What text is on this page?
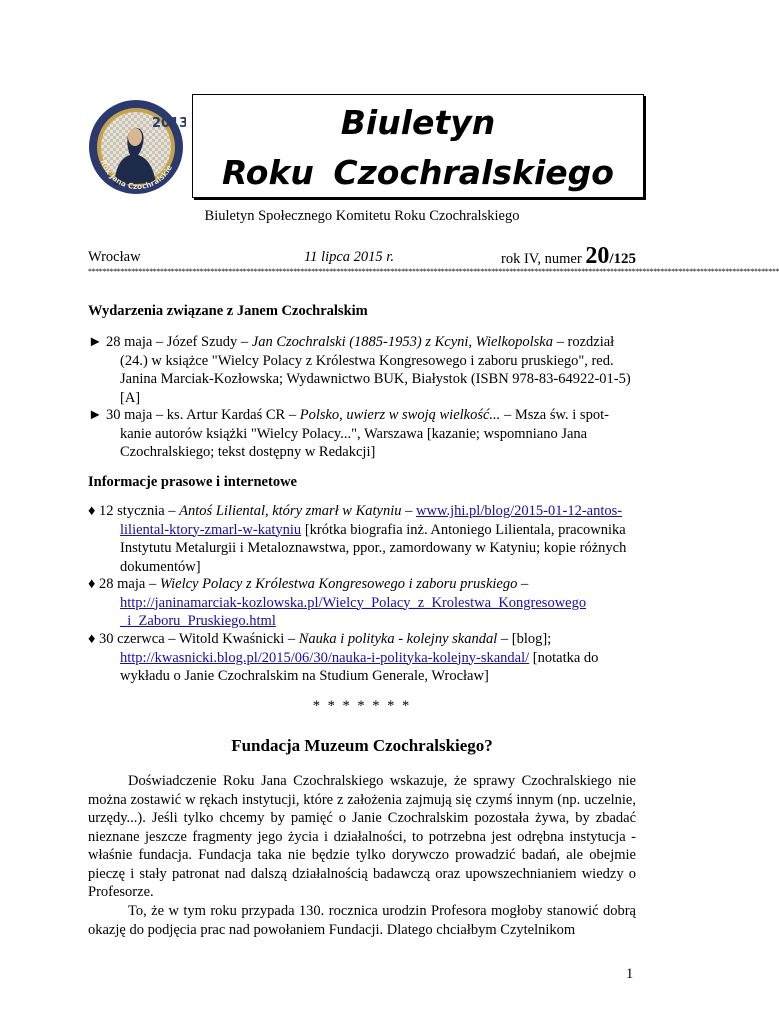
2013
Rok Jana Czochralskie
Biuletyn
Roku Czochralskiego
Biuletyn Społecznego Komitetu Roku Czochralskiego
Wrocław	11 lipca 2015 r.	rok IV, numer 20/125
************************************************************************************************************************************************************************************************
Wydarzenia związane z Janem Czochralskim
► 28 maja – Józef Szudy – Jan Czochralski (1885-1953) z Kcyni, Wielkopolska – rozdział
(24.) w książce "Wielcy Polacy z Królestwa Kongresowego i zaboru pruskiego", red. Janina Marciak-Kozłowska; Wydawnictwo BUK, Białystok (ISBN 978-83-64922-01-5) [A]
► 30 maja – ks. Artur Kardaś CR – Polsko, uwierz w swoją wielkość... – Msza św. i spot-
kanie autorów książki "Wielcy Polacy...", Warszawa [kazanie; wspomniano Jana Czochralskiego; tekst dostępny w Redakcji]
Informacje prasowe i internetowe
♦ 12 stycznia – Antoś Liliental, który zmarł w Katyniu – www.jhi.pl/blog/2015-01-12-antos-
liliental-ktory-zmarl-w-katyniu [krótka biografia inż. Antoniego Lilientala, pracownika Instytutu Metalurgii i Metaloznawstwa, ppor., zamordowany w Katyniu; kopie różnych dokumentów]
♦ 28 maja – Wielcy Polacy z Królestwa Kongresowego i zaboru pruskiego –
http://janinamarciak-kozlowska.pl/Wielcy_Polacy_z_Krolestwa_Kongresowego
_i_Zaboru_Pruskiego.html
♦ 30 czerwca – Witold Kwaśnicki – Nauka i polityka - kolejny skandal – [blog];
http://kwasnicki.blog.pl/2015/06/30/nauka-i-polityka-kolejny-skandal/ [notatka do wykładu o Janie Czochralskim na Studium Generale, Wrocław]
* * * * * * *
Fundacja Muzeum Czochralskiego?
Doświadczenie Roku Jana Czochralskiego wskazuje, że sprawy Czochralskiego nie można zostawić w rękach instytucji, które z założenia zajmują się czymś innym (np. uczelnie, urzędy...). Jeśli tylko chcemy by pamięć o Janie Czochralskim pozostała żywa, by zbadać nieznane jeszcze fragmenty jego życia i działalności, to potrzebna jest odrębna instytucja - właśnie fundacja. Fundacja taka nie będzie tylko dorywczo prowadzić badań, ale obejmie pieczę i stały patronat nad dalszą działalnością badawczą oraz upowszechnianiem wiedzy o Profesorze.
To, że w tym roku przypada 130. rocznica urodzin Profesora mogłoby stanowić dobrą okazję do podjęcia prac nad powołaniem Fundacji. Dlatego chciałbym Czytelnikom
1
